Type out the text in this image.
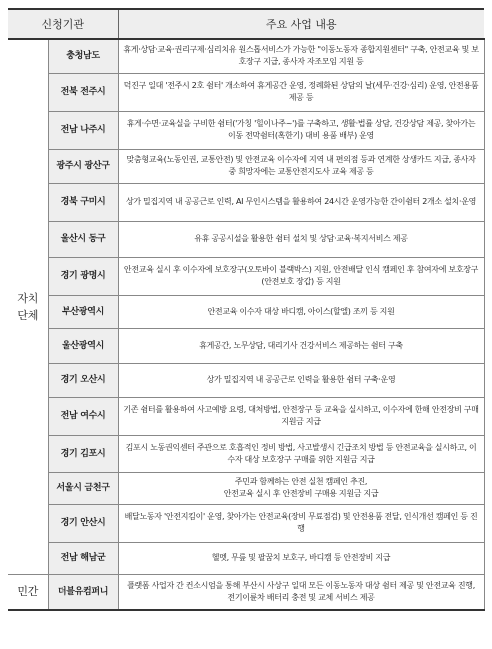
신청기관		주요 사업 내용
자치
단체	충청남도	휴게·상담·교육·권리구제·심리치유 원스톱서비스가 가능한 "이동노동자 종합지원센터" 구축, 안전교육 및 보호장구 지급, 종사자 자조모임 지원 등
	전북 전주시	덕진구 일대 '전주시 2호 쉼터' 개소하여 휴게공간 운영, 정례화된 상담의 날(세무·건강·심리) 운영, 안전용품 제공 등
	전남 나주시	휴게·수면·교육실을 구비한 쉼터('가칭 '힐이나주~')를 구축하고, 생활·법률 상담, 건강상담 제공, 찾아가는 이동 전막쉼터(혹한기) 대비 용품 배부) 운영
	광주시 광산구	맞춤형교육(노동인권, 교통안전) 및 안전교육 이수자에 지역 내 편의점 등과 연계한 상생카드 지급, 종사자 중 희망자에는 교통안전지도사 교육 제공 등
	경북 구미시	상가 밀집지역 내 공공근로 인력, AI 무인시스템을 활용하여 24시간 운영가능한 간이쉼터 2개소 설치·운영
	울산시 동구	유휴 공공시설을 활용한 쉼터 설치 및 상담·교육·복지서비스 제공
	경기 광명시	안전교육 실시 후 이수자에 보호장구(오토바이 블랙박스) 지원, 안전배달 인식 캠페인 후 참여자에 보호장구(안전보호 장갑) 등 지원
	부산광역시	안전교육 이수자 대상 바디캠, 아이스(할엘) 조끼 등 지원
	울산광역시	휴게공간, 노무상담, 대리기사 건강서비스 제공하는 쉼터 구축
	경기 오산시	상가 밀집지역 내 공공근로 인력을 활용한 쉼터 구축·운영
	전남 여수시	기존 쉼터를 활용하여 사고예방 요령, 대처방법, 안전장구 등 교육을 실시하고, 이수자에 한해 안전장비 구매 지원금 지급
	경기 김포시	김포시 노동권익센터 주관으로 호흡적인 정비 방법, 사고발생시 긴급조치 방법 등 안전교육을 실시하고, 이수자 대상 보호장구 구매를 위한 지원금 지급
	서울시 금천구	주민과 함께하는 안전 실천 캠페인 추진,
안전교육 실시 후 안전장비 구매용 지원금 지급
	경기 안산시	배달노동자 '안전지킴이' 운영, 찾아가는 안전교육(장비 무료점검) 및 안전용품 전달, 인식개선 캠페인 등 진행
	전남 해남군	헬멧, 무릎 및 팔꿈치 보호구, 바디캠 등 안전장비 지급
민간	더블유컴퍼니	플랫폼 사업자 간 컨소시엄을 통해 부산시 사상구 일대 모든 이동노동자 대상 쉼터 제공 및 안전교육 진행, 전기이륜차 배터리 충전 및 교체 서비스 제공
